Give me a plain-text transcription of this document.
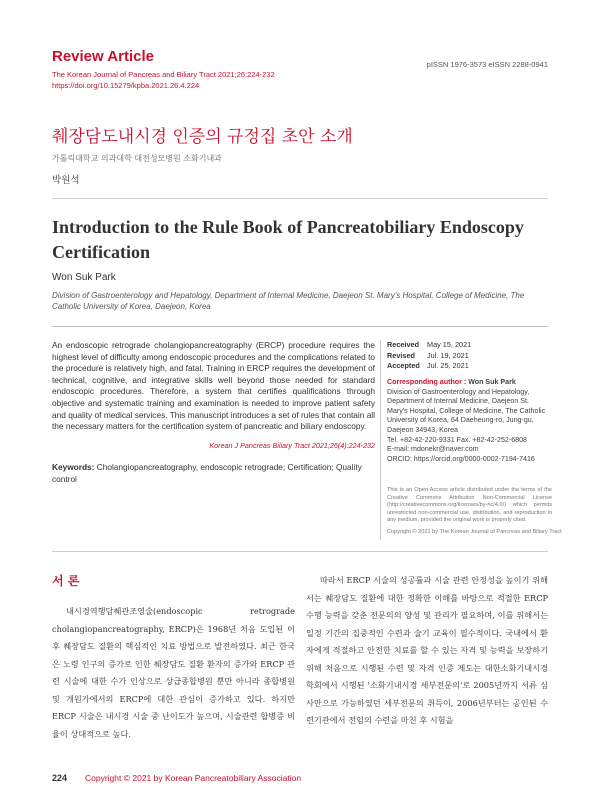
Review Article	pISSN 1976-3573 eISSN 2288-0941
The Korean Journal of Pancreas and Biliary Tract 2021;26:224-232
https://doi.org/10.15279/kpba.2021.26.4.224
췌장담도내시경 인증의 규정집 초안 소개
가톨릭대학교 의과대학 대전성모병원 소화기내과
박원석
Introduction to the Rule Book of Pancreatobiliary Endoscopy Certification
Won Suk Park
Division of Gastroenterology and Hepatology, Department of Internal Medicine, Daejeon St. Mary's Hospital, College of Medicine, The Catholic University of Korea, Daejeon, Korea
An endoscopic retrograde cholangiopancreatography (ERCP) procedure requires the highest level of difficulty among endoscopic procedures and the complications related to the procedure is relatively high, and fatal. Training in ERCP requires the development of technical, cognitive, and integrative skills well beyond those needed for standard endoscopic procedures. Therefore, a system that certifies qualifications through objective and systematic training and examination is needed to improve patient safety and quality of medical services. This manuscript introduces a set of rules that contain all the necessary matters for the certification system of pancreatic and biliary endoscopy.
Korean J Pancreas Biliary Tract 2021;26(4):224-232
Keywords: Cholangiopancreatography, endoscopic retrograde; Certification; Quality control
Received	May 15, 2021
Revised	Jul. 19, 2021
Accepted Jul. 25, 2021
Corresponding author : Won Suk Park
Division of Gastroenterology and Hepatology,
Department of Internal Medicine, Daejeon St.
Mary's Hospital, College of Medicine, The Catholic
University of Korea, 64 Daeheung-ro, Jung-gu,
Daejeon 34943, Korea
Tel. +82-42-220-9331 Fax. +82-42-252-6808
E-mail: mdonekr@naver.com
ORCID: https://orcid.org/0000-0002-7194-7416
This is an Open Access article distributed under the terms of the Creative Commons Attribution Non-Commercial License (http://creativecommons.org/licenses/by-nc/4.0/) which permits unrestricted non-commercial use, distribution, and reproduction in any medium, provided the original work is properly cited.
Copyright © 2021 by The Korean Journal of Pancreas and Biliary Tract
서 론

내시경역행담췌관조영술(endoscopic retrograde cholangiopancreatography, ERCP)은 1968년 처음 도입된 이후 췌장담도 질환의 핵심적인 치료 방법으로 발전하였다. 최근 한국은 노령 인구의 증가로 인한 췌장담도 질환 환자의 증가와 ERCP 관련 시술에 대한 수가 인상으로 상급종합병원 뿐만 아니라 종합병원 및 개원가에서의 ERCP에 대한 관심이 증가하고 있다. 하지만 ERCP 시술은 내시경 시술 중 난이도가 높으며, 시술관련 합병증 비율이 상대적으로 높다.

따라서 ERCP 시술의 성공률과 시술 관련 안정성을 높이기 위해서는 췌장담도 질환에 대한 정확한 이해를 바탕으로 적절한 ERCP 수행 능력을 갖춘 전문의의 양성 및 관리가 필요하며, 이를 위해서는 일정 기간의 집중적인 수련과 술기 교육이 필수적이다. 국내에서 환자에게 적절하고 안전한 치료를 할 수 있는 자격 및 능력을 보장하기 위해 처음으로 시행된 수련 및 자격 인증 제도는 대한소화기내시경학회에서 시행된 '소화기내시경 세부전문의'로 2005년까지 서류 심사만으로 가능하였던 세부전문의 취득이, 2006년부터는 공인된 수련기관에서 전임의 수련을 마친 후 시험을

224 Copyright © 2021 by Korean Pancreatobiliary Association
